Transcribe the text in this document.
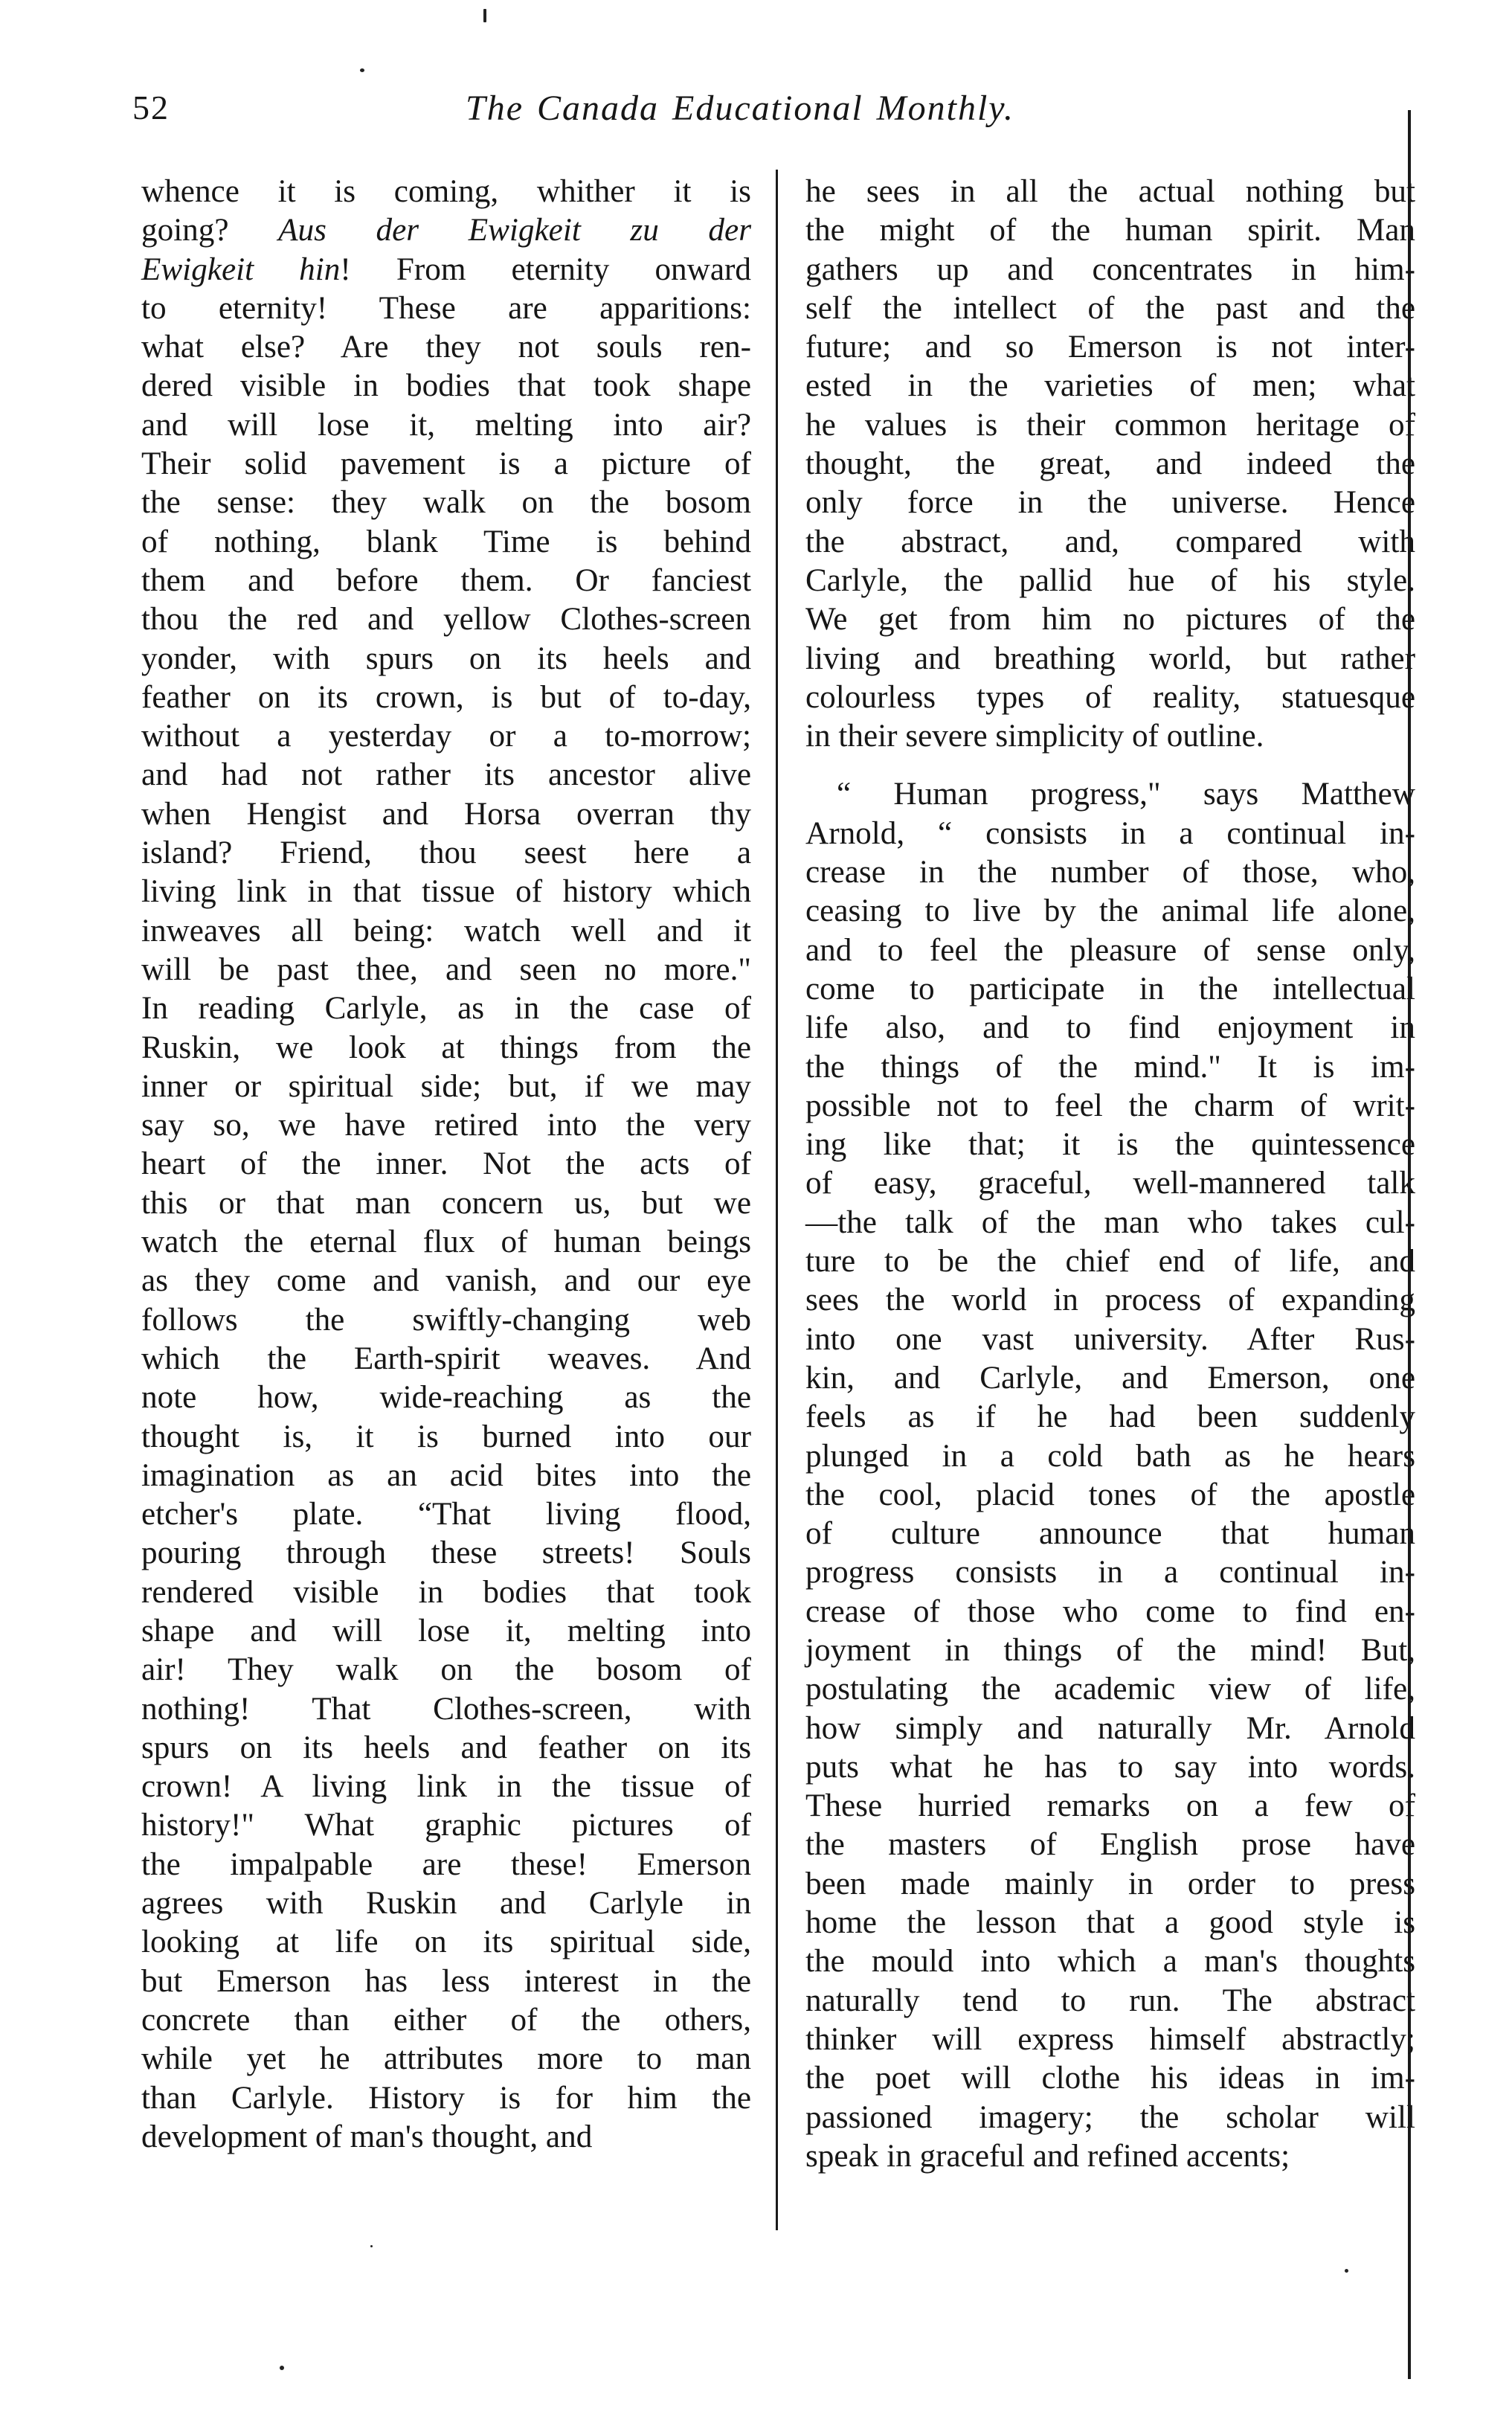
52	The Canada Educational Monthly.
whence it is coming, whither it is
going? Aus der Ewigkeit zu der
Ewigkeit hin! From eternity onward
to eternity! These are apparitions:
what else? Are they not souls ren-
dered visible in bodies that took shape
and will lose it, melting into air?
Their solid pavement is a picture of
the sense: they walk on the bosom
of nothing, blank Time is behind
them and before them. Or fanciest
thou the red and yellow Clothes-screen
yonder, with spurs on its heels and
feather on its crown, is but of to-day,
without a yesterday or a to-morrow;
and had not rather its ancestor alive
when Hengist and Horsa overran thy
island? Friend, thou seest here a
living link in that tissue of history which
inweaves all being: watch well and it
will be past thee, and seen no more."
In reading Carlyle, as in the case of
Ruskin, we look at things from the
inner or spiritual side; but, if we may
say so, we have retired into the very
heart of the inner. Not the acts of
this or that man concern us, but we
watch the eternal flux of human beings
as they come and vanish, and our eye
follows the swiftly-changing web
which the Earth-spirit weaves. And
note how, wide-reaching as the
thought is, it is burned into our
imagination as an acid bites into the
etcher's plate. “That living flood,
pouring through these streets! Souls
rendered visible in bodies that took
shape and will lose it, melting into
air! They walk on the bosom of
nothing! That Clothes-screen, with
spurs on its heels and feather on its
crown! A living link in the tissue of
history!" What graphic pictures of
the impalpable are these! Emerson
agrees with Ruskin and Carlyle in
looking at life on its spiritual side,
but Emerson has less interest in the
concrete than either of the others,
while yet he attributes more to man
than Carlyle. History is for him the
development of man's thought, and
he sees in all the actual nothing but
the might of the human spirit. Man
gathers up and concentrates in him-
self the intellect of the past and the
future; and so Emerson is not inter-
ested in the varieties of men; what
he values is their common heritage of
thought, the great, and indeed the
only force in the universe. Hence
the abstract, and, compared with
Carlyle, the pallid hue of his style.
We get from him no pictures of the
living and breathing world, but rather
colourless types of reality, statuesque
in their severe simplicity of outline.
“ Human progress," says Matthew
Arnold, “ consists in a continual in-
crease in the number of those, who,
ceasing to live by the animal life alone,
and to feel the pleasure of sense only,
come to participate in the intellectual
life also, and to find enjoyment in
the things of the mind." It is im-
possible not to feel the charm of writ-
ing like that; it is the quintessence
of easy, graceful, well-mannered talk
—the talk of the man who takes cul-
ture to be the chief end of life, and
sees the world in process of expanding
into one vast university. After Rus-
kin, and Carlyle, and Emerson, one
feels as if he had been suddenly
plunged in a cold bath as he hears
the cool, placid tones of the apostle
of culture announce that human
progress consists in a continual in-
crease of those who come to find en-
joyment in things of the mind! But,
postulating the academic view of life,
how simply and naturally Mr. Arnold
puts what he has to say into words.
These hurried remarks on a few of
the masters of English prose have
been made mainly in order to press
home the lesson that a good style is
the mould into which a man's thoughts
naturally tend to run. The abstract
thinker will express himself abstractly;
the poet will clothe his ideas in im-
passioned imagery; the scholar will
speak in graceful and refined accents;
